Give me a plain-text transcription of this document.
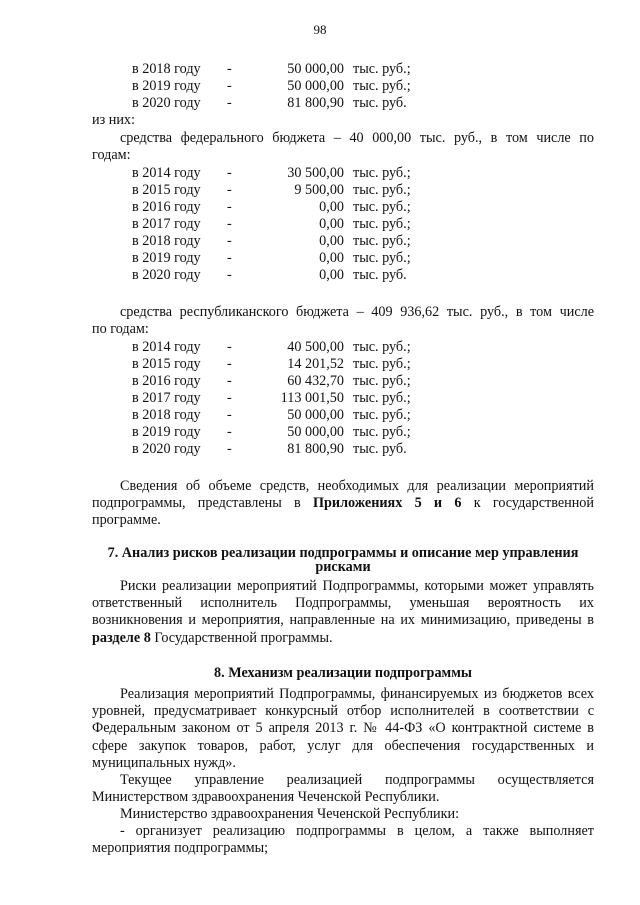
98
в 2018 году -	50 000,00 тыс. руб.;
в 2019 году -	50 000,00 тыс. руб.;
в 2020 году -	81 800,90 тыс. руб.
из них:
средства федерального бюджета – 40 000,00 тыс. руб., в том числе по
годам:
в 2014 году -	30 500,00 тыс. руб.;
в 2015 году -	9 500,00 тыс. руб.;
в 2016 году -	0,00 тыс. руб.;
в 2017 году -	0,00 тыс. руб.;
в 2018 году -	0,00 тыс. руб.;
в 2019 году -	0,00 тыс. руб.;
в 2020 году -	0,00 тыс. руб.
средства республиканского бюджета – 409 936,62 тыс. руб., в том числе
по годам:
в 2014 году -	40 500,00 тыс. руб.;
в 2015 году -	14 201,52 тыс. руб.;
в 2016 году -	60 432,70 тыс. руб.;
в 2017 году -	113 001,50 тыс. руб.;
в 2018 году -	50 000,00 тыс. руб.;
в 2019 году -	50 000,00 тыс. руб.;
в 2020 году -	81 800,90 тыс. руб.
Сведения об объеме средств, необходимых для реализации мероприятий подпрограммы, представлены в Приложениях 5 и 6 к государственной программе.
7. Анализ рисков реализации подпрограммы и описание мер управления
рисками
Риски реализации мероприятий Подпрограммы, которыми может управлять ответственный исполнитель Подпрограммы, уменьшая вероятность их возникновения и мероприятия, направленные на их минимизацию, приведены в разделе 8 Государственной программы.
8. Механизм реализации подпрограммы
Реализация мероприятий Подпрограммы, финансируемых из бюджетов всех уровней, предусматривает конкурсный отбор исполнителей в соответствии с Федеральным законом от 5 апреля 2013 г. № 44-ФЗ «О контрактной системе в сфере закупок товаров, работ, услуг для обеспечения государственных и муниципальных нужд».
Текущее управление реализацией подпрограммы осуществляется Министерством здравоохранения Чеченской Республики.
Министерство здравоохранения Чеченской Республики:
- организует реализацию подпрограммы в целом, а также выполняет мероприятия подпрограммы;
